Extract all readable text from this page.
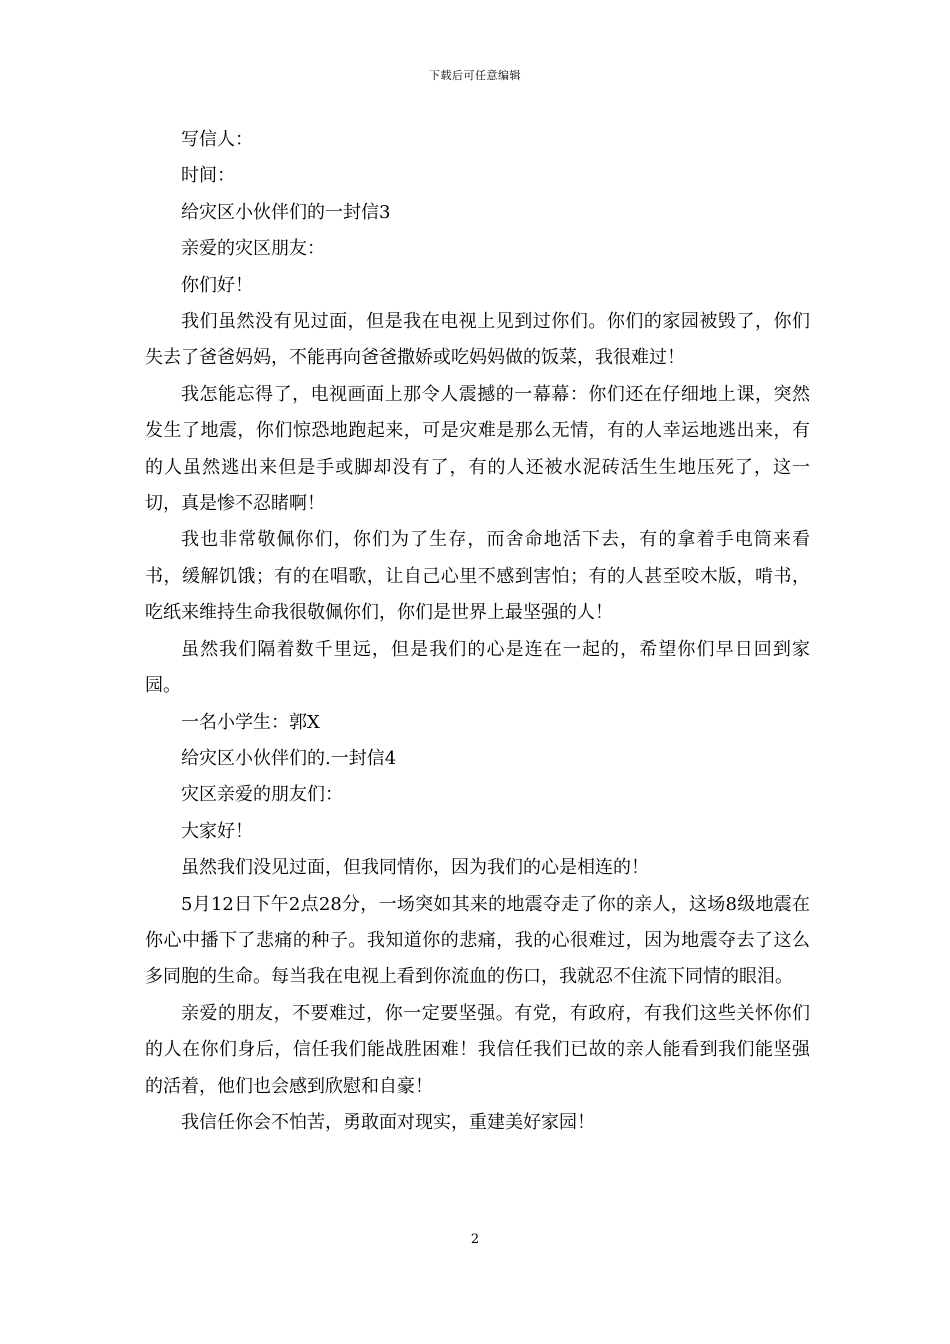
下载后可任意编辑

写信人：

时间：

给灾区小伙伴们的一封信3

亲爱的灾区朋友：

你们好！

我们虽然没有见过面，但是我在电视上见到过你们。你们的家园被毁了，你们失去了爸爸妈妈，不能再向爸爸撒娇或吃妈妈做的饭菜，我很难过！

我怎能忘得了，电视画面上那令人震撼的一幕幕：你们还在仔细地上课，突然发生了地震，你们惊恐地跑起来，可是灾难是那么无情，有的人幸运地逃出来，有的人虽然逃出来但是手或脚却没有了，有的人还被水泥砖活生生地压死了，这一切，真是惨不忍睹啊！

我也非常敬佩你们，你们为了生存，而舍命地活下去，有的拿着手电筒来看书，缓解饥饿；有的在唱歌，让自己心里不感到害怕；有的人甚至咬木版，啃书，吃纸来维持生命我很敬佩你们，你们是世界上最坚强的人！

虽然我们隔着数千里远，但是我们的心是连在一起的，希望你们早日回到家园。

一名小学生：郭X

给灾区小伙伴们的.一封信4

灾区亲爱的朋友们：

大家好！

虽然我们没见过面，但我同情你，因为我们的心是相连的！

5月12日下午2点28分，一场突如其来的地震夺走了你的亲人，这场8级地震在你心中播下了悲痛的种子。我知道你的悲痛，我的心很难过，因为地震夺去了这么多同胞的生命。每当我在电视上看到你流血的伤口，我就忍不住流下同情的眼泪。

亲爱的朋友，不要难过，你一定要坚强。有党，有政府，有我们这些关怀你们的人在你们身后，信任我们能战胜困难！我信任我们已故的亲人能看到我们能坚强的活着，他们也会感到欣慰和自豪！

我信任你会不怕苦，勇敢面对现实，重建美好家园！

2
